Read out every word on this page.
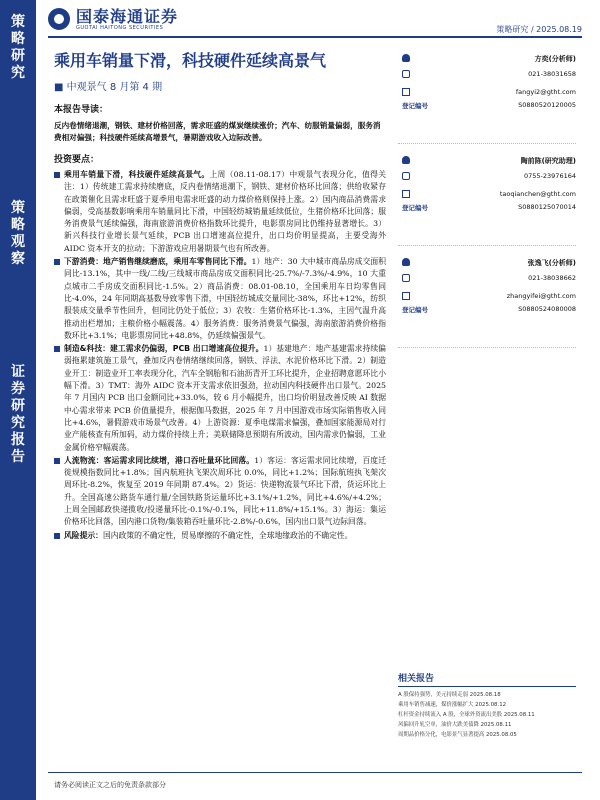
策
略
研
究
策
略
观
察
证
券
研
究
报
告
国泰海通证券
GUOTAI HAITONG SECURITIES	策略研究 / 2025.08.19
乘用车销量下滑，科技硬件延续高景气
■ 中观景气 8 月第 4 期
本报告导读：
反内卷情绪退潮，钢铁、建材价格回落，需求旺盛的煤炭继续涨价；汽车、纺服销量偏弱，服务消费相对偏强；科技硬件延续高增景气，暑期游戏收入边际改善。
投资要点：
乘用车销量下滑，科技硬件延续高景气。上周（08.11-08.17）中观景气表现分化，值得关注：1）传统建工需求持续磨底，反内卷情绪退潮下，钢铁、建材价格环比回落；供给收紧存在政策催化且需求旺盛于夏季用电需求旺盛的动力煤价格则保持上涨。2）国内商品消费需求偏弱，受高基数影响乘用车销量同比下滑，中国轻纺城销量延续低位，生猪价格环比回落；服务消费景气延续偏强，海南旅游消费价格指数环比提升，电影票房同比仍维持显著增长。3）新兴科技行业增长景气延续，PCB 出口增速高位提升，出口均价明显提高，主要受海外 AIDC 资本开支的拉动；下游游戏应用暑期景气也有所改善。
下游消费：地产销售继续磨底，乘用车零售同比下滑。1）地产：30 大中城市商品房成交面积同比-13.1%，其中一线/二线/三线城市商品房成交面积同比-25.7%/-7.3%/-4.9%，10 大重点城市二手房成交面积同比-1.5%。2）商品消费：08.01-08.10，全国乘用车日均零售同比-4.0%，24 年同期高基数导致零售下滑，中国轻纺城成交量同比-38%，环比+12%，纺织服装成交量季节性回升，但同比仍处于低位；3）农牧：生猪价格环比-1.3%，主因气温升高推动出栏增加；主粮价格小幅震荡。4）服务消费：服务消费景气偏强，海南旅游消费价格指数环比+3.1%；电影票房同比+48.8%，仍延续偏强景气。
制造&科技：建工需求仍偏弱，PCB 出口增速高位提升。1）基建地产：地产基建需求持续偏弱拖累建筑施工景气，叠加反内卷情绪继续回落，钢铁、浮法、水泥价格环比下滑。2）制造业开工：制造业开工率表现分化，汽车全钢胎和石油沥青开工环比提升，企业招聘意愿环比小幅下滑。3）TMT：海外 AIDC 资本开支需求依旧强劲，拉动国内科技硬件出口景气。2025 年 7 月国内 PCB 出口金额同比+33.0%，较 6 月小幅提升，出口均价明显改善反映 AI 数据中心需求带来 PCB 价值量提升，根据伽马数据，2025 年 7 月中国游戏市场实际销售收入同比+4.6%，暑假游戏市场景气改善。4）上游资源：夏季电煤需求偏强，叠加国家能源局对行业产能核查有所加码，动力煤价持续上升；美联储降息预期有所波动，国内需求仍偏弱，工业金属价格窄幅震荡。
人流物流：客运需求同比续增，港口吞吐量环比回落。1）客运：客运需求同比续增，百度迁徙规模指数同比+1.8%；国内航班执飞架次周环比 0.0%，同比+1.2%；国际航班执飞架次周环比-8.2%，恢复至 2019 年同期 87.4%。2）货运：快递物流景气环比下滑，货运环比上升。全国高速公路货车通行量/全国铁路货运量环比+3.1%/+1.2%，同比+4.6%/+4.2%；上周全国邮政快递揽收/投递量环比-0.1%/-0.1%，同比+11.8%/+15.1%。3）海运：集运价格环比回落，国内港口货物/集装箱吞吐量环比-2.8%/-0.6%，国内出口景气边际回落。
风险提示：国内政策的不确定性，贸易摩擦的不确定性，全球地缘政治的不确定性。
方奕(分析师)
021-38031658
fangyi2@gtht.com
登记编号	S0880520120005
陶前陈(研究助理)
0755-23976164
taoqianchen@gtht.com
登记编号	S0880125070014
张逸飞(分析师)
021-38038662
zhangyifei@gtht.com
登记编号	S0880524080008
相关报告
A 股保持强势，美元持续走弱 2025.08.18
乘用车销售减速，煤价涨幅扩大 2025.08.12
杠杆资金持续流入 A 股，全球外资流出美股 2025.08.11
风偏回升轧空单，油价大跌美债降 2025.08.11
周期品价格分化，电影景气显著提高 2025.08.05
请务必阅读正文之后的免责条款部分
